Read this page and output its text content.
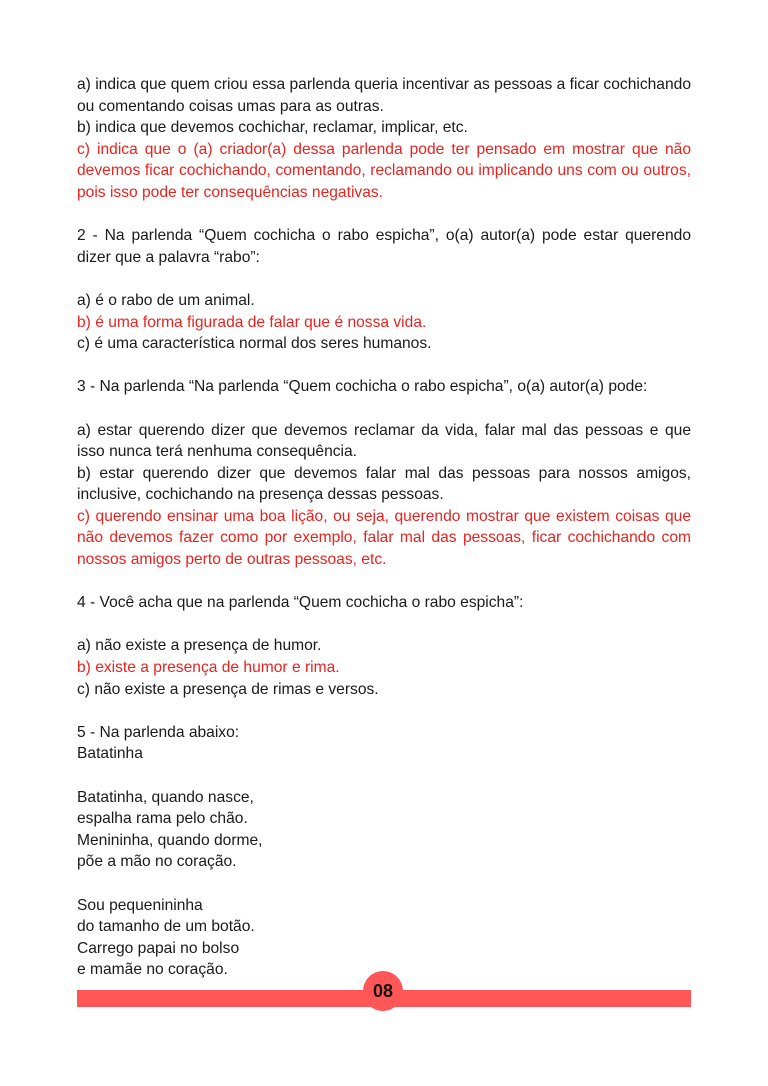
a) indica que quem criou essa parlenda queria incentivar as pessoas a ficar cochichando ou comentando coisas umas para as outras.

b) indica que devemos cochichar, reclamar, implicar, etc.

c) indica que o (a) criador(a) dessa parlenda pode ter pensado em mostrar que não devemos ficar cochichando, comentando, reclamando ou implicando uns com ou outros, pois isso pode ter consequências negativas.

2 - Na parlenda “Quem cochicha o rabo espicha”, o(a) autor(a) pode estar querendo dizer que a palavra “rabo”:

a) é o rabo de um animal.

b) é uma forma figurada de falar que é nossa vida.

c) é uma característica normal dos seres humanos.

3 - Na parlenda “Na parlenda “Quem cochicha o rabo espicha”, o(a) autor(a) pode:

a) estar querendo dizer que devemos reclamar da vida, falar mal das pessoas e que isso nunca terá nenhuma consequência.

b) estar querendo dizer que devemos falar mal das pessoas para nossos amigos, inclusive, cochichando na presença dessas pessoas.

c) querendo ensinar uma boa lição, ou seja, querendo mostrar que existem coisas que não devemos fazer como por exemplo, falar mal das pessoas, ficar cochichando com nossos amigos perto de outras pessoas, etc.

4 - Você acha que na parlenda “Quem cochicha o rabo espicha”:

a) não existe a presença de humor.

b) existe a presença de humor e rima.

c) não existe a presença de rimas e versos.

5 - Na parlenda abaixo:

Batatinha

Batatinha, quando nasce,

espalha rama pelo chão.

Menininha, quando dorme,

põe a mão no coração.

Sou pequenininha

do tamanho de um botão.

Carrego papai no bolso

e mamãe no coração.

08
